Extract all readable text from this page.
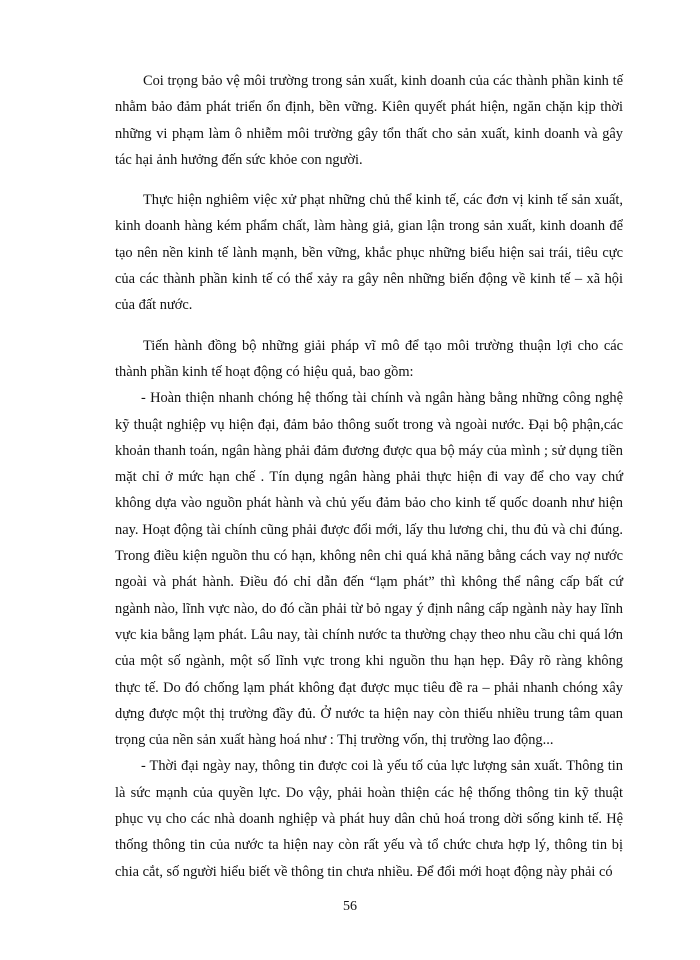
Coi trọng bảo vệ môi trường trong sản xuất, kinh doanh của các thành phần kinh tế nhằm bảo đảm phát triển ổn định, bền vững. Kiên quyết phát hiện, ngăn chặn kịp thời những vi phạm làm ô nhiễm môi trường gây tổn thất cho sản xuất, kinh doanh và gây tác hại ảnh hưởng đến sức khỏe con người.

Thực hiện nghiêm việc xử phạt những chủ thể kinh tế, các đơn vị kinh tế sản xuất, kinh doanh hàng kém phẩm chất, làm hàng giả, gian lận trong sản xuất, kinh doanh để tạo nên nền kinh tế lành mạnh, bền vững, khắc phục những biểu hiện sai trái, tiêu cực của các thành phần kinh tế có thể xảy ra gây nên những biến động về kinh tế – xã hội của đất nước.

Tiến hành đồng bộ những giải pháp vĩ mô để tạo môi trường thuận lợi cho các thành phần kinh tế hoạt động có hiệu quả, bao gồm:

- Hoàn thiện nhanh chóng hệ thống tài chính và ngân hàng bằng những công nghệ kỹ thuật nghiệp vụ hiện đại, đảm bảo thông suốt trong và ngoài nước. Đại bộ phận,các khoản thanh toán, ngân hàng phải đảm đương được qua bộ máy của mình ; sử dụng tiền mặt chỉ ở mức hạn chế . Tín dụng ngân hàng phải thực hiện đi vay để cho vay chứ không dựa vào nguồn phát hành và chủ yếu đảm bảo cho kinh tế quốc doanh như hiện nay. Hoạt động tài chính cũng phải được đổi mới, lấy thu lương chi, thu đủ và chi đúng. Trong điều kiện nguồn thu có hạn, không nên chi quá khả năng bằng cách vay nợ nước ngoài và phát hành. Điều đó chỉ dẫn đến “lạm phát” thì không thể nâng cấp bất cứ ngành nào, lĩnh vực nào, do đó cần phải từ bỏ ngay ý định nâng cấp ngành này hay lĩnh vực kia bằng lạm phát. Lâu nay, tài chính nước ta thường chạy theo nhu cầu chi quá lớn của một số ngành, một số lĩnh vực trong khi nguồn thu hạn hẹp. Đây rõ ràng không thực tế. Do đó chống lạm phát không đạt được mục tiêu đề ra – phải nhanh chóng xây dựng được một thị trường đầy đủ. Ở nước ta hiện nay còn thiếu nhiều trung tâm quan trọng của nền sản xuất hàng hoá như : Thị trường vốn, thị trường lao động...

- Thời đại ngày nay, thông tin được coi là yếu tố của lực lượng sản xuất. Thông tin là sức mạnh của quyền lực. Do vậy, phải hoàn thiện các hệ thống thông tin kỹ thuật phục vụ cho các nhà doanh nghiệp và phát huy dân chủ hoá trong dời sống kinh tế. Hệ thống thông tin của nước ta hiện nay còn rất yếu và tổ chức chưa hợp lý, thông tin bị chia cắt, số người hiểu biết về thông tin chưa nhiều. Để đổi mới hoạt động này phải có

56
